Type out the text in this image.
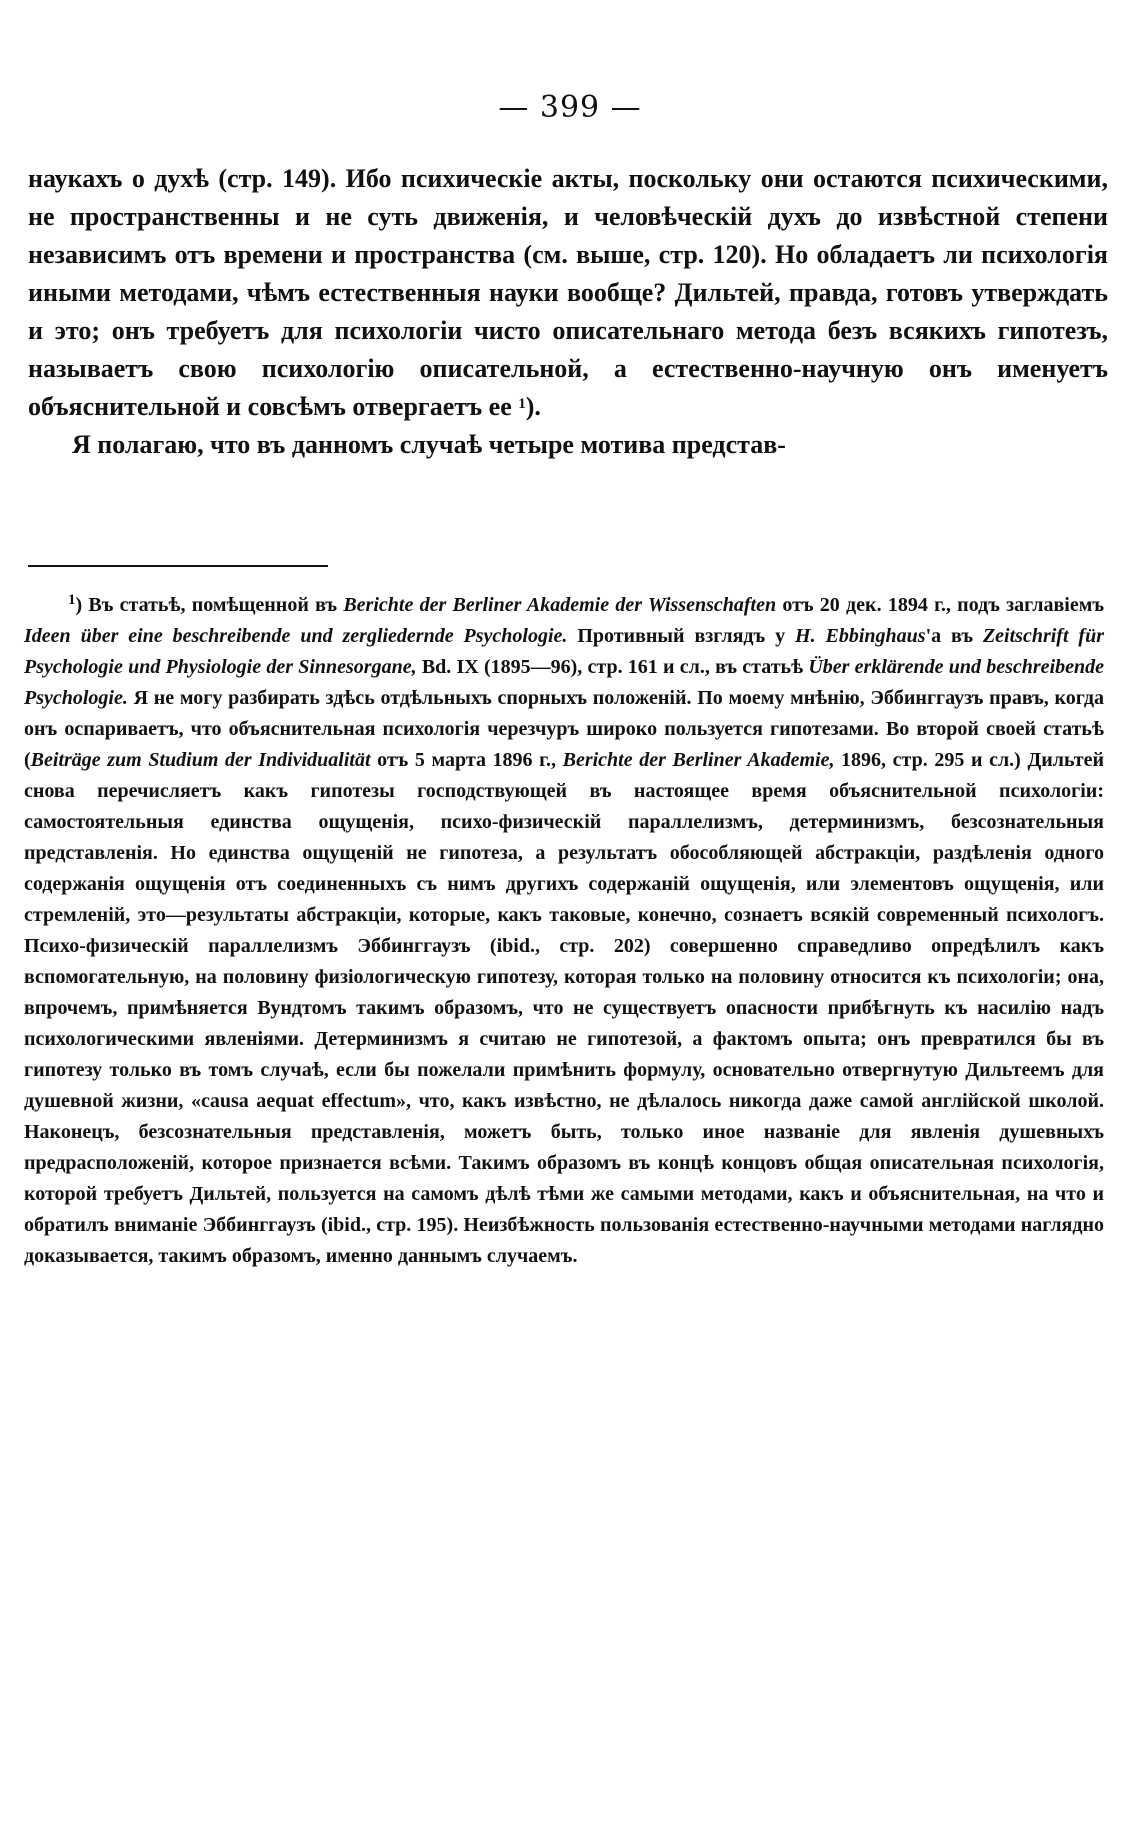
— 399 —

наукахъ о духѣ (стр. 149). Ибо психическіе акты, поскольку они остаются психическими, не пространственны и не суть движенія, и человѣческій духъ до извѣстной степени независимъ отъ времени и пространства (см. выше, стр. 120). Но обладаетъ ли психологія иными методами, чѣмъ естественныя науки вообще? Дильтей, правда, готовъ утверждать и это; онъ требуетъ для психологіи чисто описательнаго метода безъ всякихъ гипотезъ, называетъ свою психологію описательной, а естественно-научную онъ именуетъ объяснительной и совсѣмъ отвергаетъ ее $^1$).

Я полагаю, что въ данномъ случаѣ четыре мотива представ-

$^1$) Въ статьѣ, помѣщенной въ Berichte der Berliner Akademie der Wissenschaften отъ 20 дек. 1894 г., подъ заглавіемъ Ideen über eine beschreibende und zergliedernde Psychologie. Противный взглядъ у H. Ebbinghaus'а въ Zeitschrift für Psychologie und Physiologie der Sinnesorgane, Bd. IX (1895—96), стр. 161 и сл., въ статьѣ Über erklärende und beschreibende Psychologie. Я не могу разбирать здѣсь отдѣльныхъ спорныхъ положеній. По моему мнѣнію, Эббинггаузъ правъ, когда онъ оспариваетъ, что объяснительная психологія черезчуръ широко пользуется гипотезами. Во второй своей статьѣ (Beiträge zum Studium der Individualität отъ 5 марта 1896 г., Berichte der Berliner Akademie, 1896, стр. 295 и сл.) Дильтей снова перечисляетъ какъ гипотезы господствующей въ настоящее время объяснительной психологіи: самостоятельныя единства ощущенія, психо-физическій параллелизмъ, детерминизмъ, безсознательныя представленія. Но единства ощущеній не гипотеза, а результатъ обособляющей абстракціи, раздѣленія одного содержанія ощущенія отъ соединенныхъ съ нимъ другихъ содержаній ощущенія, или элементовъ ощущенія, или стремленій, это—результаты абстракціи, которые, какъ таковые, конечно, сознаетъ всякій современный психологъ. Психо-физическій параллелизмъ Эббинггаузъ (ibid., стр. 202) совершенно справедливо опредѣлилъ какъ вспомогательную, на половину физіологическую гипотезу, которая только на половину относится къ психологіи; она, впрочемъ, примѣняется Вундтомъ такимъ образомъ, что не существуетъ опасности прибѣгнуть къ насилію надъ психологическими явленіями. Детерминизмъ я считаю не гипотезой, а фактомъ опыта; онъ превратился бы въ гипотезу только въ томъ случаѣ, если бы пожелали примѣнить формулу, основательно отвергнутую Дильтеемъ для душевной жизни, «causa aequat effectum», что, какъ извѣстно, не дѣлалось никогда даже самой англійской школой. Наконецъ, безсознательныя представленія, можетъ быть, только иное названіе для явленія душевныхъ предрасположеній, которое признается всѣми. Такимъ образомъ въ концѣ концовъ общая описательная психологія, которой требуетъ Дильтей, пользуется на самомъ дѣлѣ тѣми же самыми методами, какъ и объяснительная, на что и обратилъ вниманіе Эббинггаузъ (ibid., стр. 195). Неизбѣжность пользованія естественно-научными методами наглядно доказывается, такимъ образомъ, именно даннымъ случаемъ.
